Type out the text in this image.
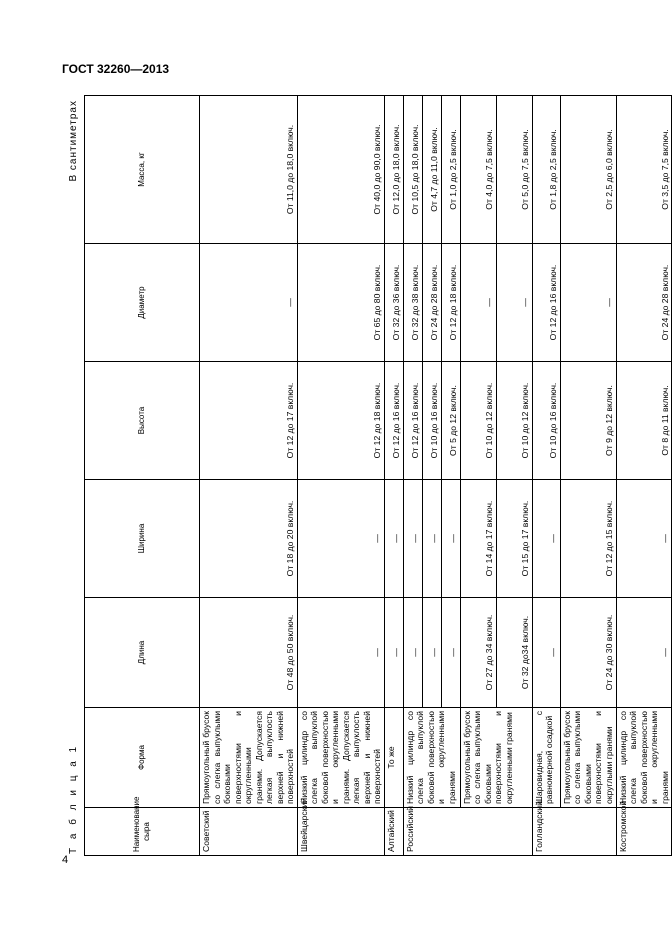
ГОСТ 32260—2013
4
Т а б л и ц а 1
В сантиметрах
Наименование сыра	Форма	Длина	Ширина	Высота	Диаметр	Масса, кг
Советский	Прямоугольный брусок со слегка выпуклыми боковыми поверхностями и округленными гранями. Допускается легкая выпуклость верхней и нижней поверхностей	От 48 до 50 включ.	От 18 до 20 включ.	От 12 до 17 включ.	—	От 11,0 до 18,0 включ.
Швейцарский	Низкий цилиндр со слегка выпуклой боковой поверхностью и округленными гранями. Допускается легкая выпуклость верхней и нижней поверхностей	—	—	От 12 до 18 включ.	От 65 до 80 включ.	От 40,0 до 90,0 включ.
Алтайский	То же	—	—	От 12 до 16 включ.	От 32 до 36 включ.	От 12,0 до 18,0 включ.
Российский	Низкий цилиндр со слегка выпуклой боковой поверхностью и округленными гранями	—	—	От 12 до 16 включ.	От 32 до 38 включ.	От 10,5 до 18,0 включ.
		—	—	От 10 до 16 включ.	От 24 до 28 включ.	От 4,7 до 11,0 включ.
		—	—	От 5 до 12 включ.	От 12 до 18 включ.	От 1,0 до 2,5 включ.
	Прямоугольный брусок со слегка выпуклыми боковыми поверхностями и округленными гранями	От 27 до 34 включ.	От 14 до 17 включ.	От 10 до 12 включ.	—	От 4,0 до 7,5 включ.
		От 32 до34 включ.	От 15 до 17 включ.	От 10 до 12 включ.	—	От 5,0 до 7,5 включ.
Голландский	Шаровидная, с равномерной осадкой	—	—	От 10 до 16 включ.	От 12 до 16 включ.	От 1,8 до 2,5 включ.
	Прямоугольный брусок со слегка выпуклыми боковыми поверхностями и округлыми гранями	От 24 до 30 включ.	От 12 до 15 включ.	От 9 до 12 включ.	—	От 2,5 до 6,0 включ.
Костромской	Низкий цилиндр со слегка выпуклой боковой поверхностью и округленными гранями	—	—	От 8 до 11 включ.	От 24 до 28 включ.	От 3,5 до 7,5 включ.
